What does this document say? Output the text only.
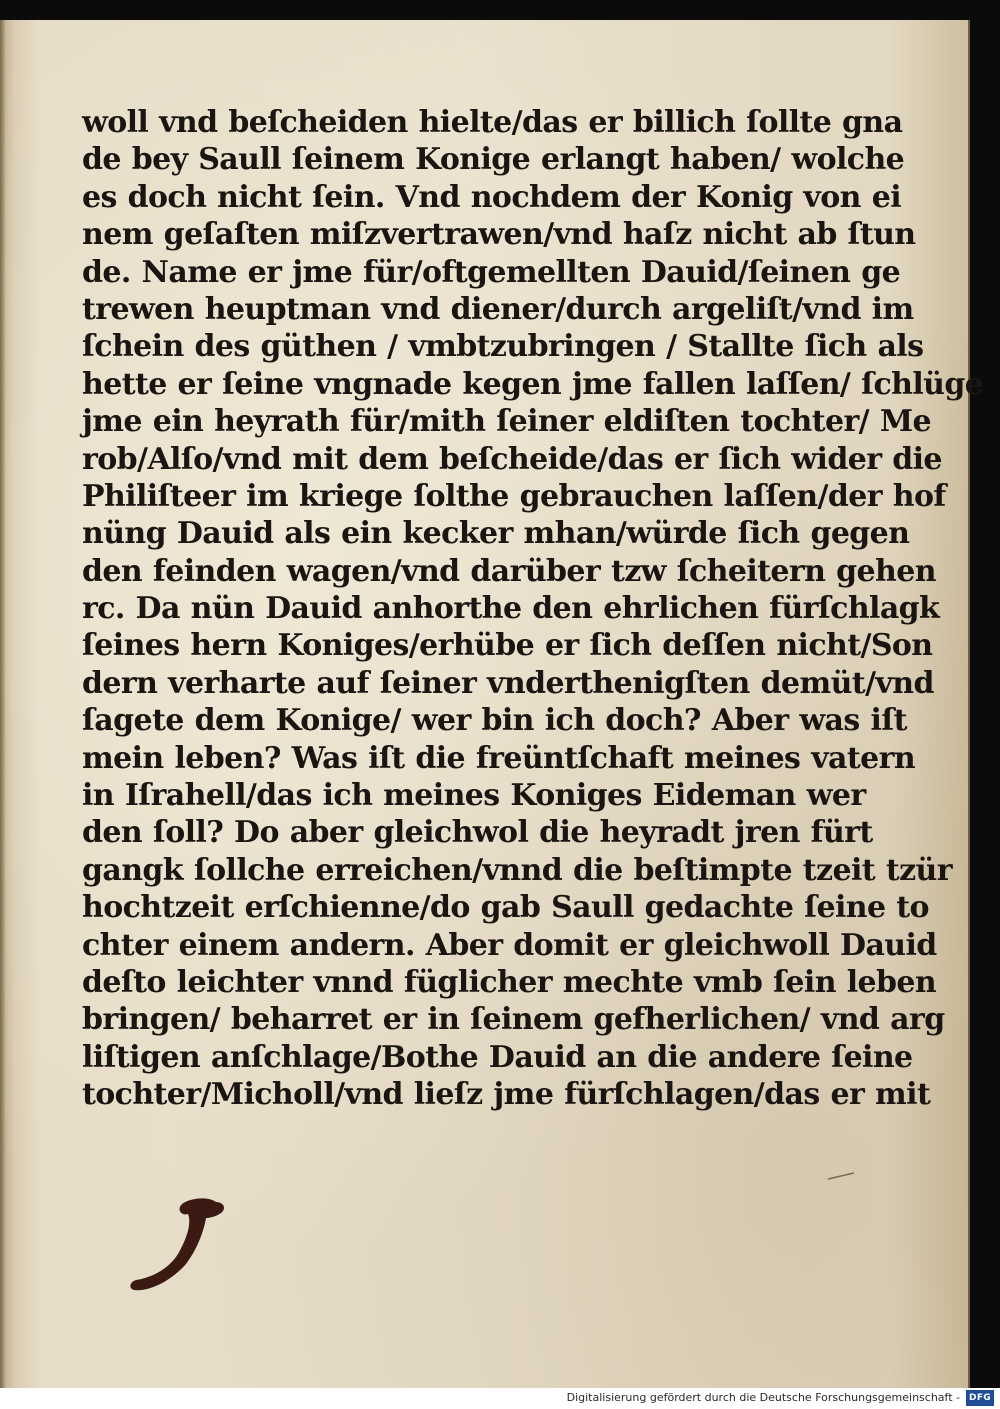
woll vnd beſcheiden hielte/das er billich ſollte gna
de bey Saull ſeinem Konige erlangt haben/ wolche
es doch nicht ſein. Vnd nochdem der Konig von ei
nem geſaſten miſzvertrawen/vnd haſz nicht ab ſtun
de. Name er jme für/oftgemellten Dauid/ſeinen ge
trewen heuptman vnd diener/durch argeliſt/vnd im
ſchein des güthen / vmbtzubringen / Stallte ſich als
hette er ſeine vngnade kegen jme fallen laſſen/ ſchlüge
jme ein heyrath für/mith ſeiner eldiſten tochter/ Me
rob/Alſo/vnd mit dem beſcheide/das er ſich wider die
Philiſteer im kriege ſolthe gebrauchen laſſen/der hof
nüng Dauid als ein kecker mhan/würde ſich gegen
den feinden wagen/vnd darüber tzw ſcheitern gehen
rc. Da nün Dauid anhorthe den ehrlichen fürſchlagk
ſeines hern Koniges/erhübe er ſich deſſen nicht/Son
dern verharte auf ſeiner vnderthenigſten demüt/vnd
ſagete dem Konige/ wer bin ich doch? Aber was iſt
mein leben? Was iſt die freüntſchaft meines vatern
in Iſrahell/das ich meines Koniges Eideman wer
den ſoll? Do aber gleichwol die heyradt jren fürt
gangk ſollche erreichen/vnnd die beſtimpte tzeit tzür
hochtzeit erſchienne/do gab Saull gedachte ſeine to
chter einem andern. Aber domit er gleichwoll Dauid
deſto leichter vnnd füglicher mechte vmb ſein leben
bringen/ beharret er in ſeinem gefherlichen/ vnd arg
liſtigen anſchlage/Bothe Dauid an die andere ſeine
tochter/Micholl/vnd lieſz jme fürſchlagen/das er mit
Digitalisierung gefördert durch die Deutsche Forschungsgemeinschaft -	DFG
